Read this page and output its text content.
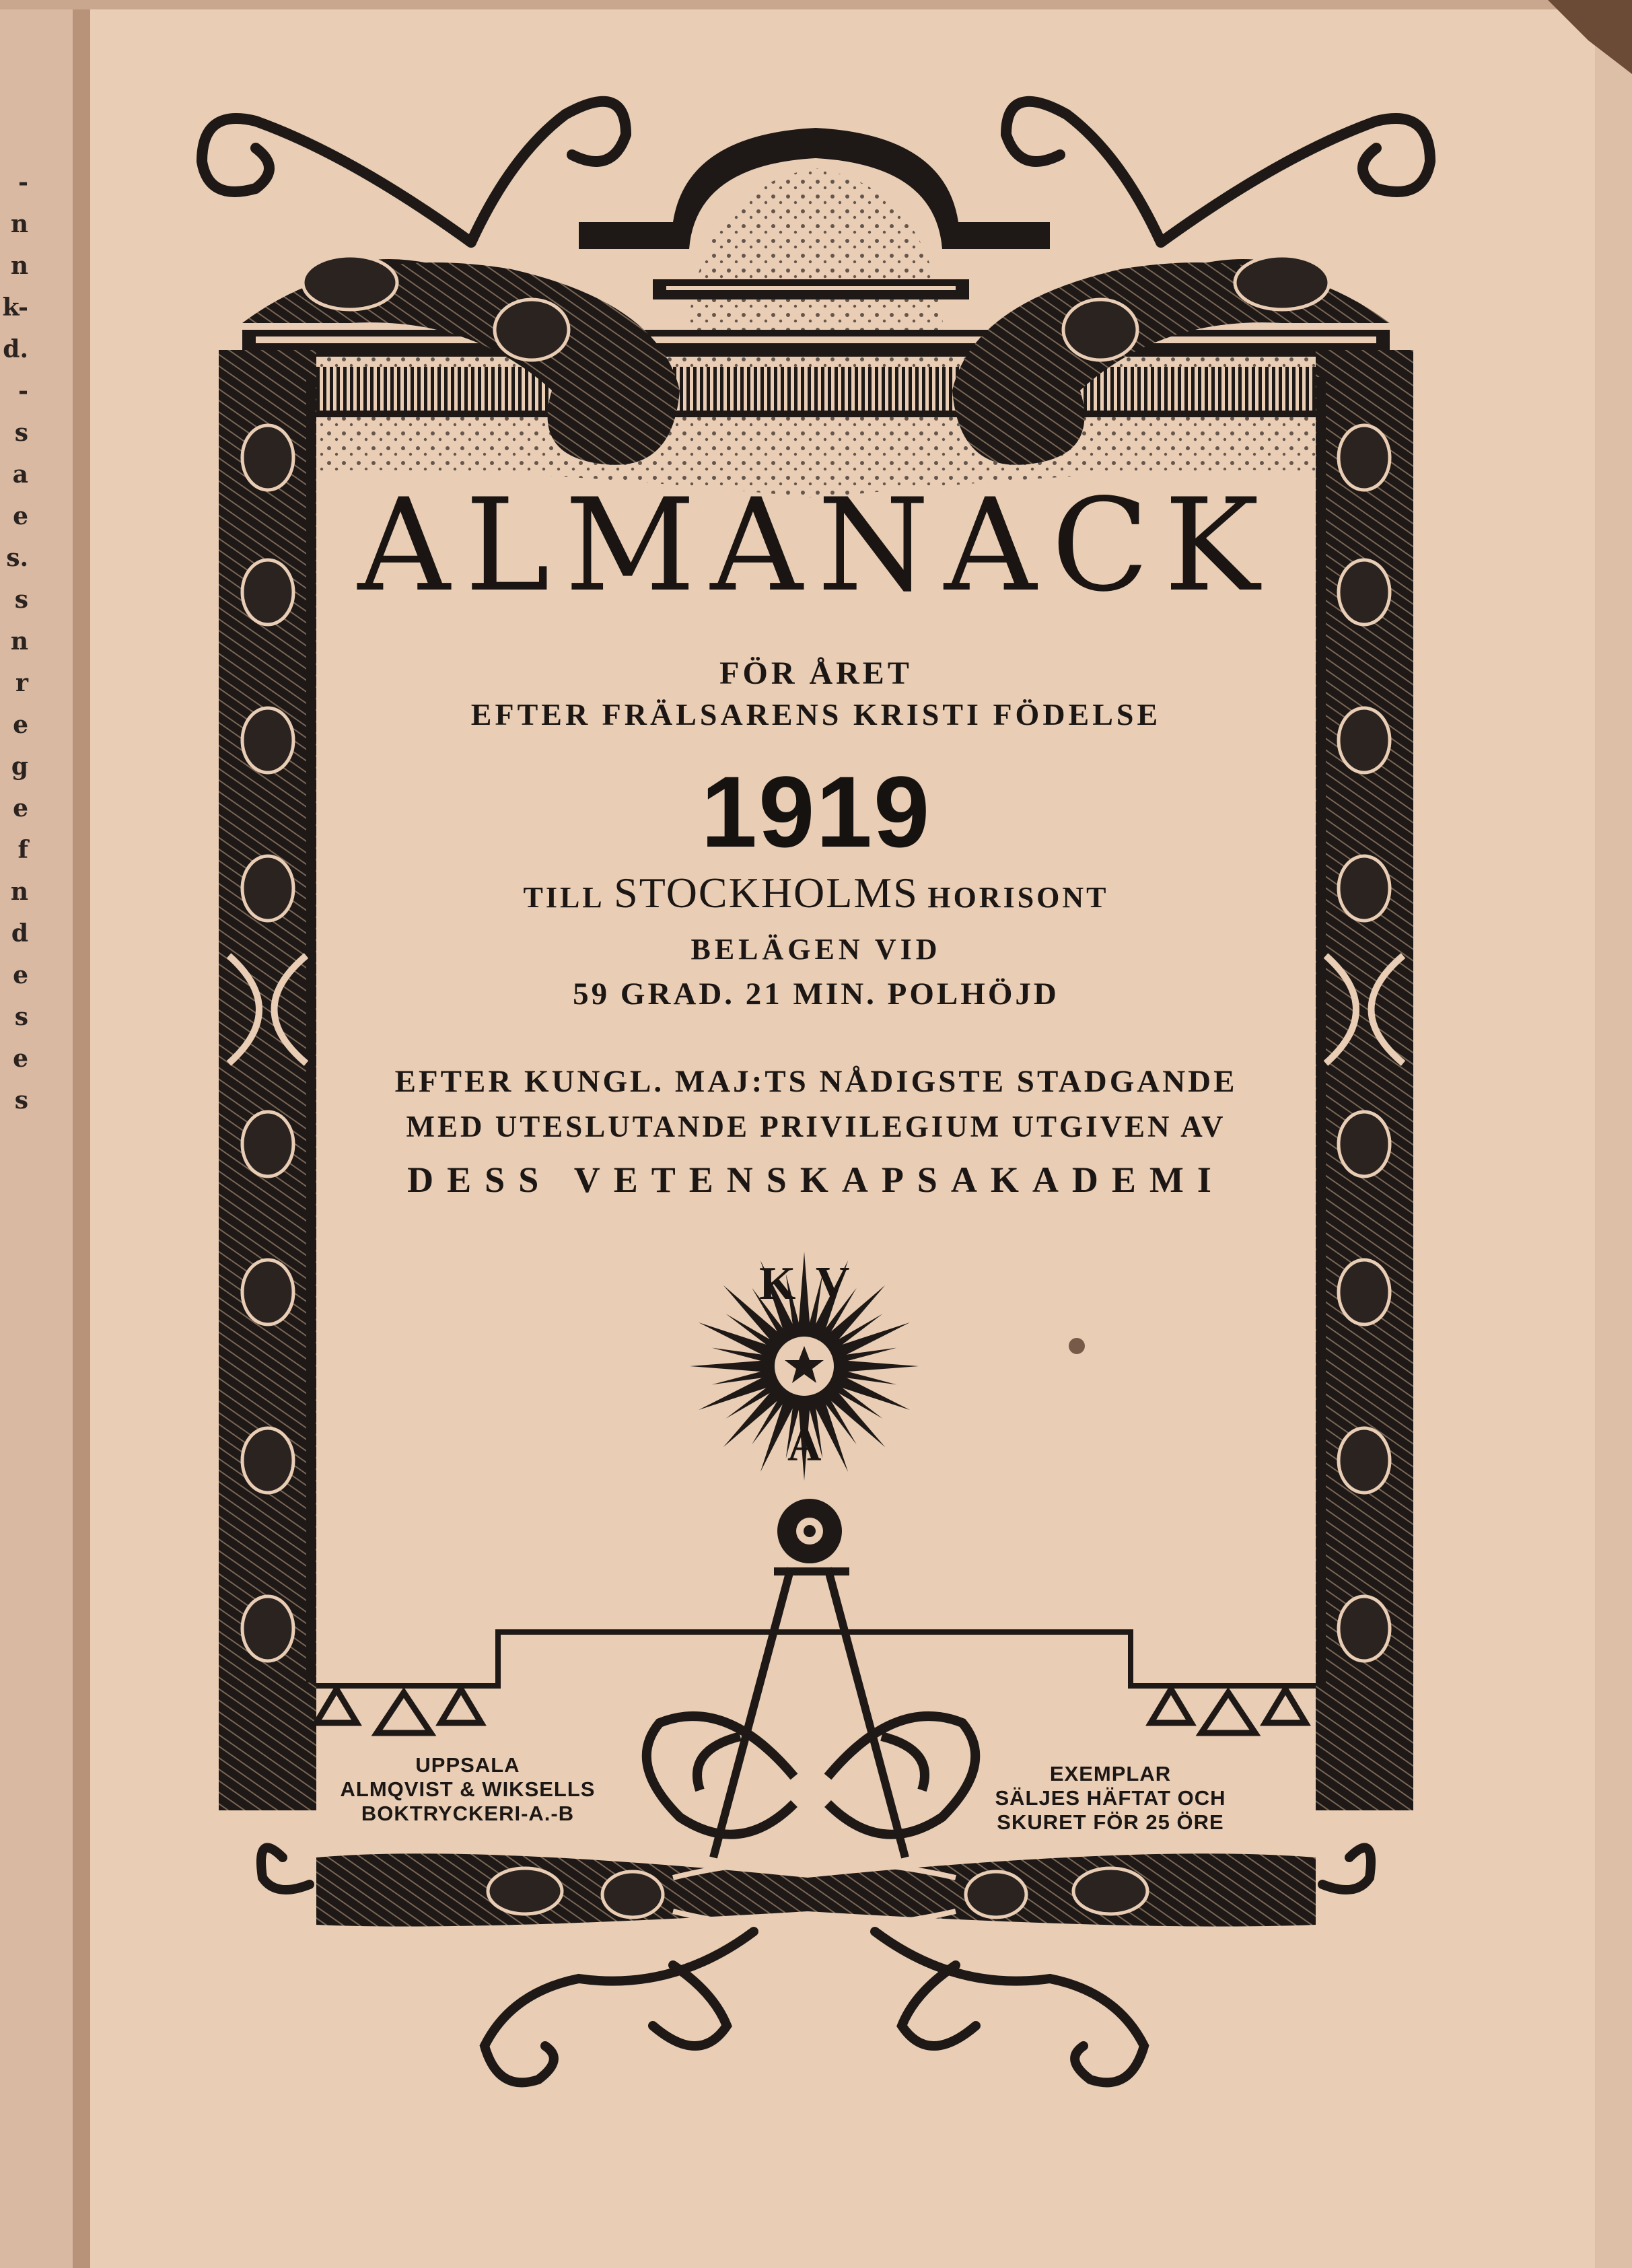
-
n
n
k-
d.
-
s
a
e
s.
s
n
r
e
g
e
f
n
d
e
s
e
s
ALMANACK
FÖR ÅRET
EFTER FRÄLSARENS KRISTI FÖDELSE
1919
TILL STOCKHOLMS HORISONT
BELÄGEN VID
59 GRAD. 21 MIN. POLHÖJD
EFTER KUNGL. MAJ:TS NÅDIGSTE STADGANDE
MED UTESLUTANDE PRIVILEGIUM UTGIVEN AV
DESS VETENSKAPSAKADEMI
K V
A
UPPSALA
ALMQVIST & WIKSELLS
BOKTRYCKERI-A.-B
EXEMPLAR
SÄLJES HÄFTAT OCH
SKURET FÖR 25 ÖRE
